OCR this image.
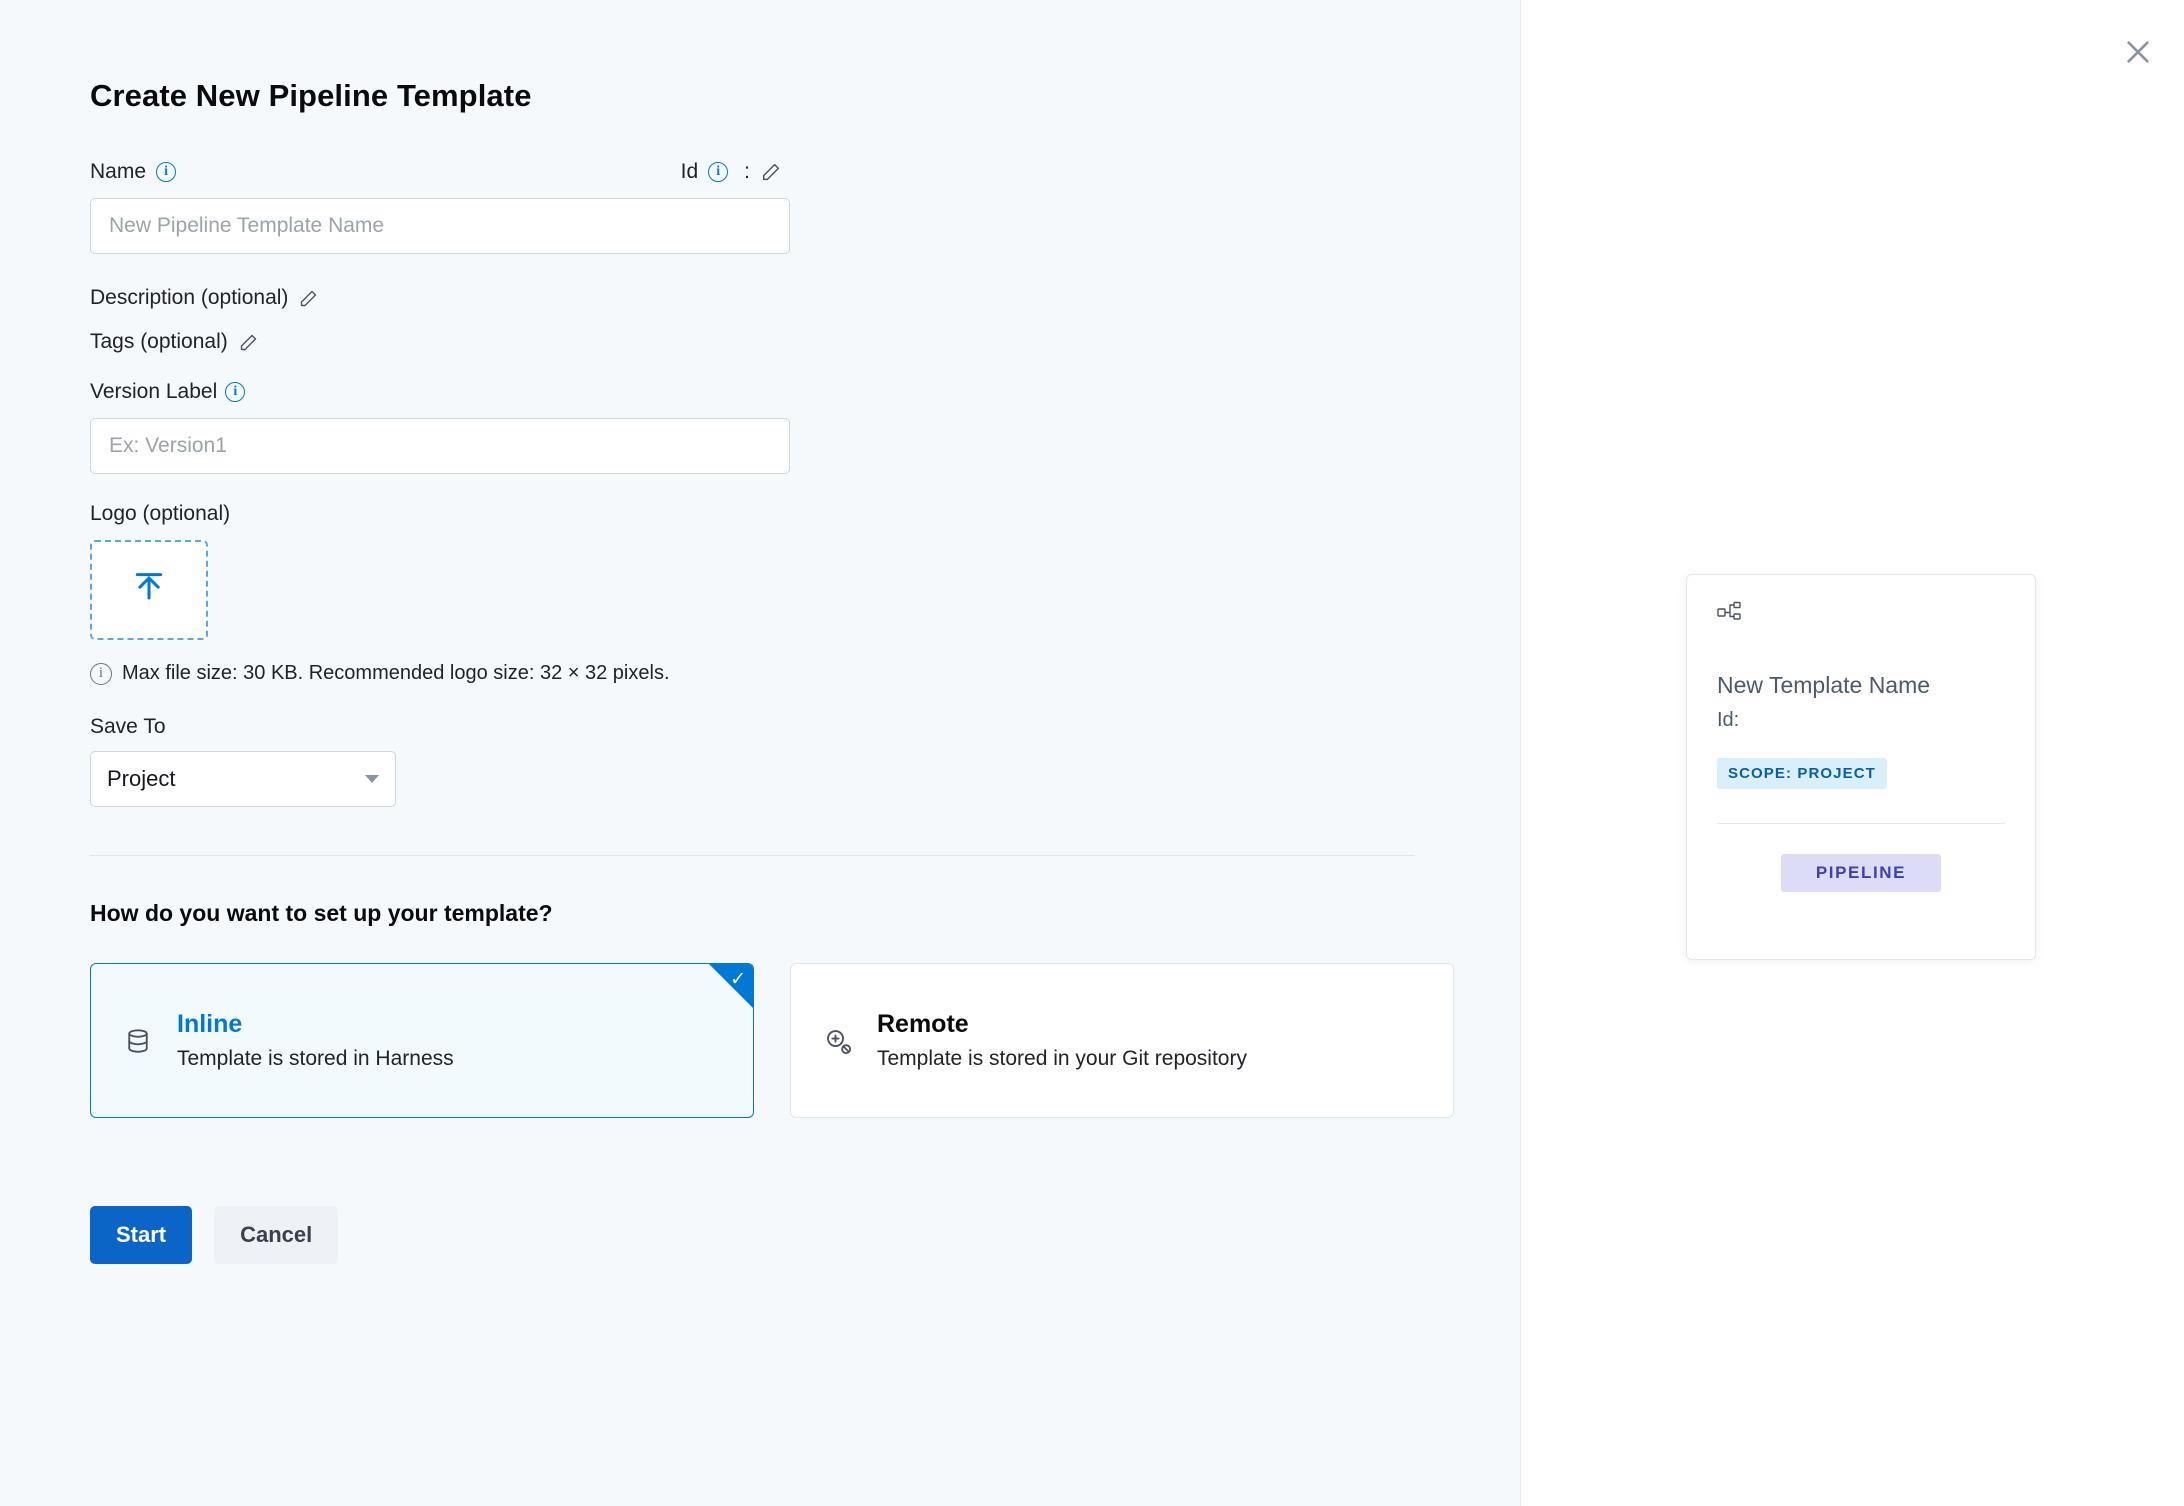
Create New Pipeline Template
Name	i	Id	i	:
New Pipeline Template Name
Description (optional)
Tags (optional)
Version Label	i
Ex: Version1
Logo (optional)
i Max file size: 30 KB. Recommended logo size: 32 × 32 pixels.
Save To
Project
How do you want to set up your template?
✓
Inline
Template is stored in Harness
Remote
Template is stored in your Git repository
Start	Cancel
New Template Name
Id:
SCOPE: PROJECT
PIPELINE
